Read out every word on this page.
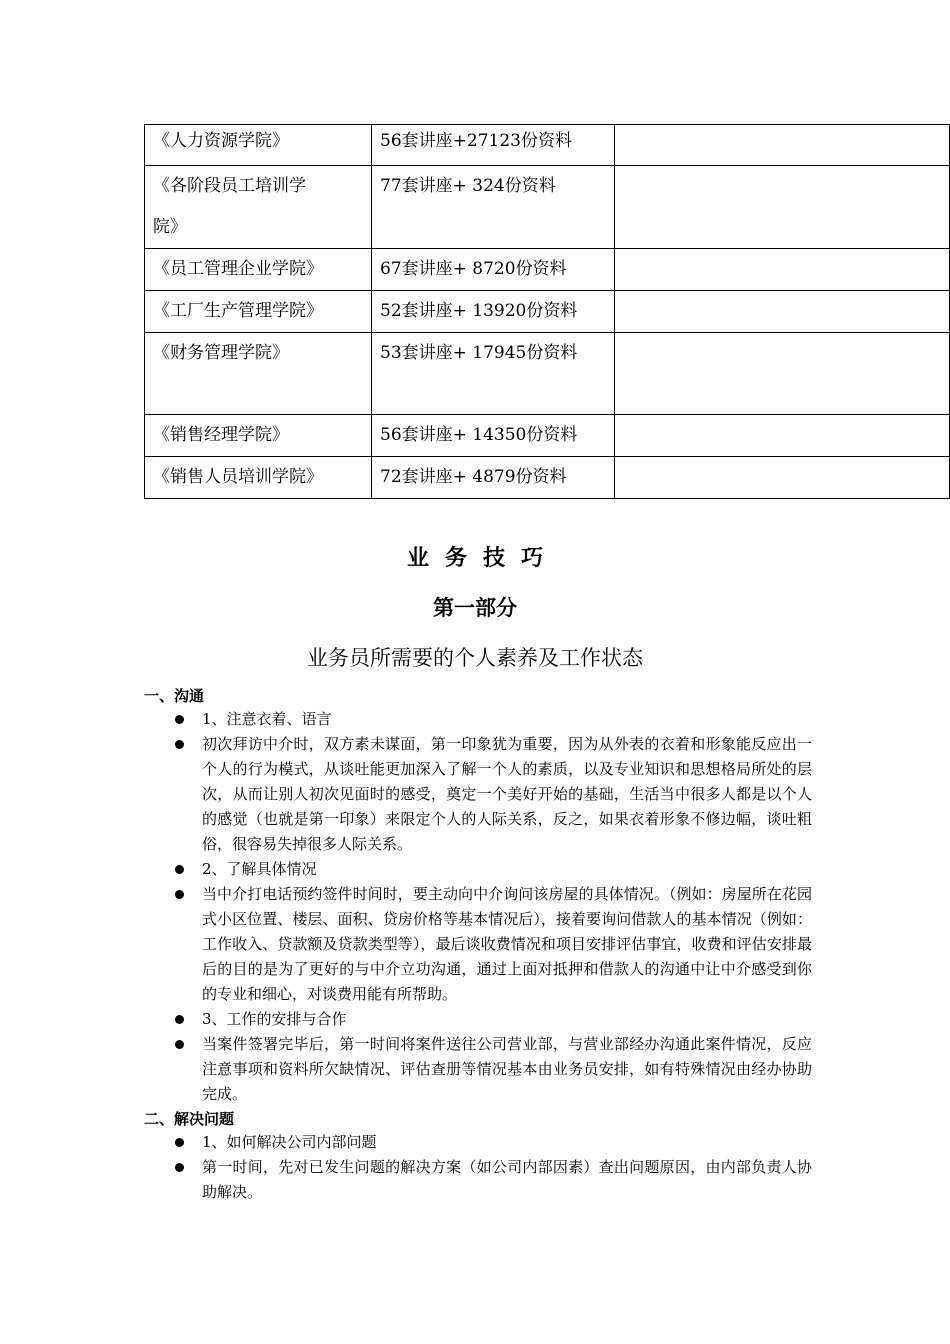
《人力资源学院》	56套讲座+27123份资料	

《各阶段员工培训学院》	77套讲座+ 324份资料	
《员工管理企业学院》	67套讲座+ 8720份资料	
《工厂生产管理学院》	52套讲座+ 13920份资料	
《财务管理学院》	53套讲座+ 17945份资料	

《销售经理学院》	56套讲座+ 14350份资料	
《销售人员培训学院》	72套讲座+ 4879份资料	
业务技巧
第一部分
业务员所需要的个人素养及工作状态
一、沟通
1、注意衣着、语言
初次拜访中介时，双方素未谋面，第一印象犹为重要，因为从外表的衣着和形象能反应出一个人的行为模式，从谈吐能更加深入了解一个人的素质，以及专业知识和思想格局所处的层次，从而让别人初次见面时的感受，奠定一个美好开始的基础，生活当中很多人都是以个人的感觉（也就是第一印象）来限定个人的人际关系，反之，如果衣着形象不修边幅，谈吐粗俗，很容易失掉很多人际关系。
2、了解具体情况
当中介打电话预约签件时间时，要主动向中介询问该房屋的具体情况。（例如：房屋所在花园式小区位置、楼层、面积、贷房价格等基本情况后），接着要询问借款人的基本情况（例如：工作收入、贷款额及贷款类型等），最后谈收费情况和项目安排评估事宜，收费和评估安排最后的目的是为了更好的与中介立功沟通，通过上面对抵押和借款人的沟通中让中介感受到你的专业和细心，对谈费用能有所帮助。
3、工作的安排与合作
当案件签署完毕后，第一时间将案件送往公司营业部，与营业部经办沟通此案件情况，反应注意事项和资料所欠缺情况、评估查册等情况基本由业务员安排，如有特殊情况由经办协助完成。
二、解决问题
1、如何解决公司内部问题
第一时间，先对已发生问题的解决方案（如公司内部因素）查出问题原因，由内部负责人协助解决。
